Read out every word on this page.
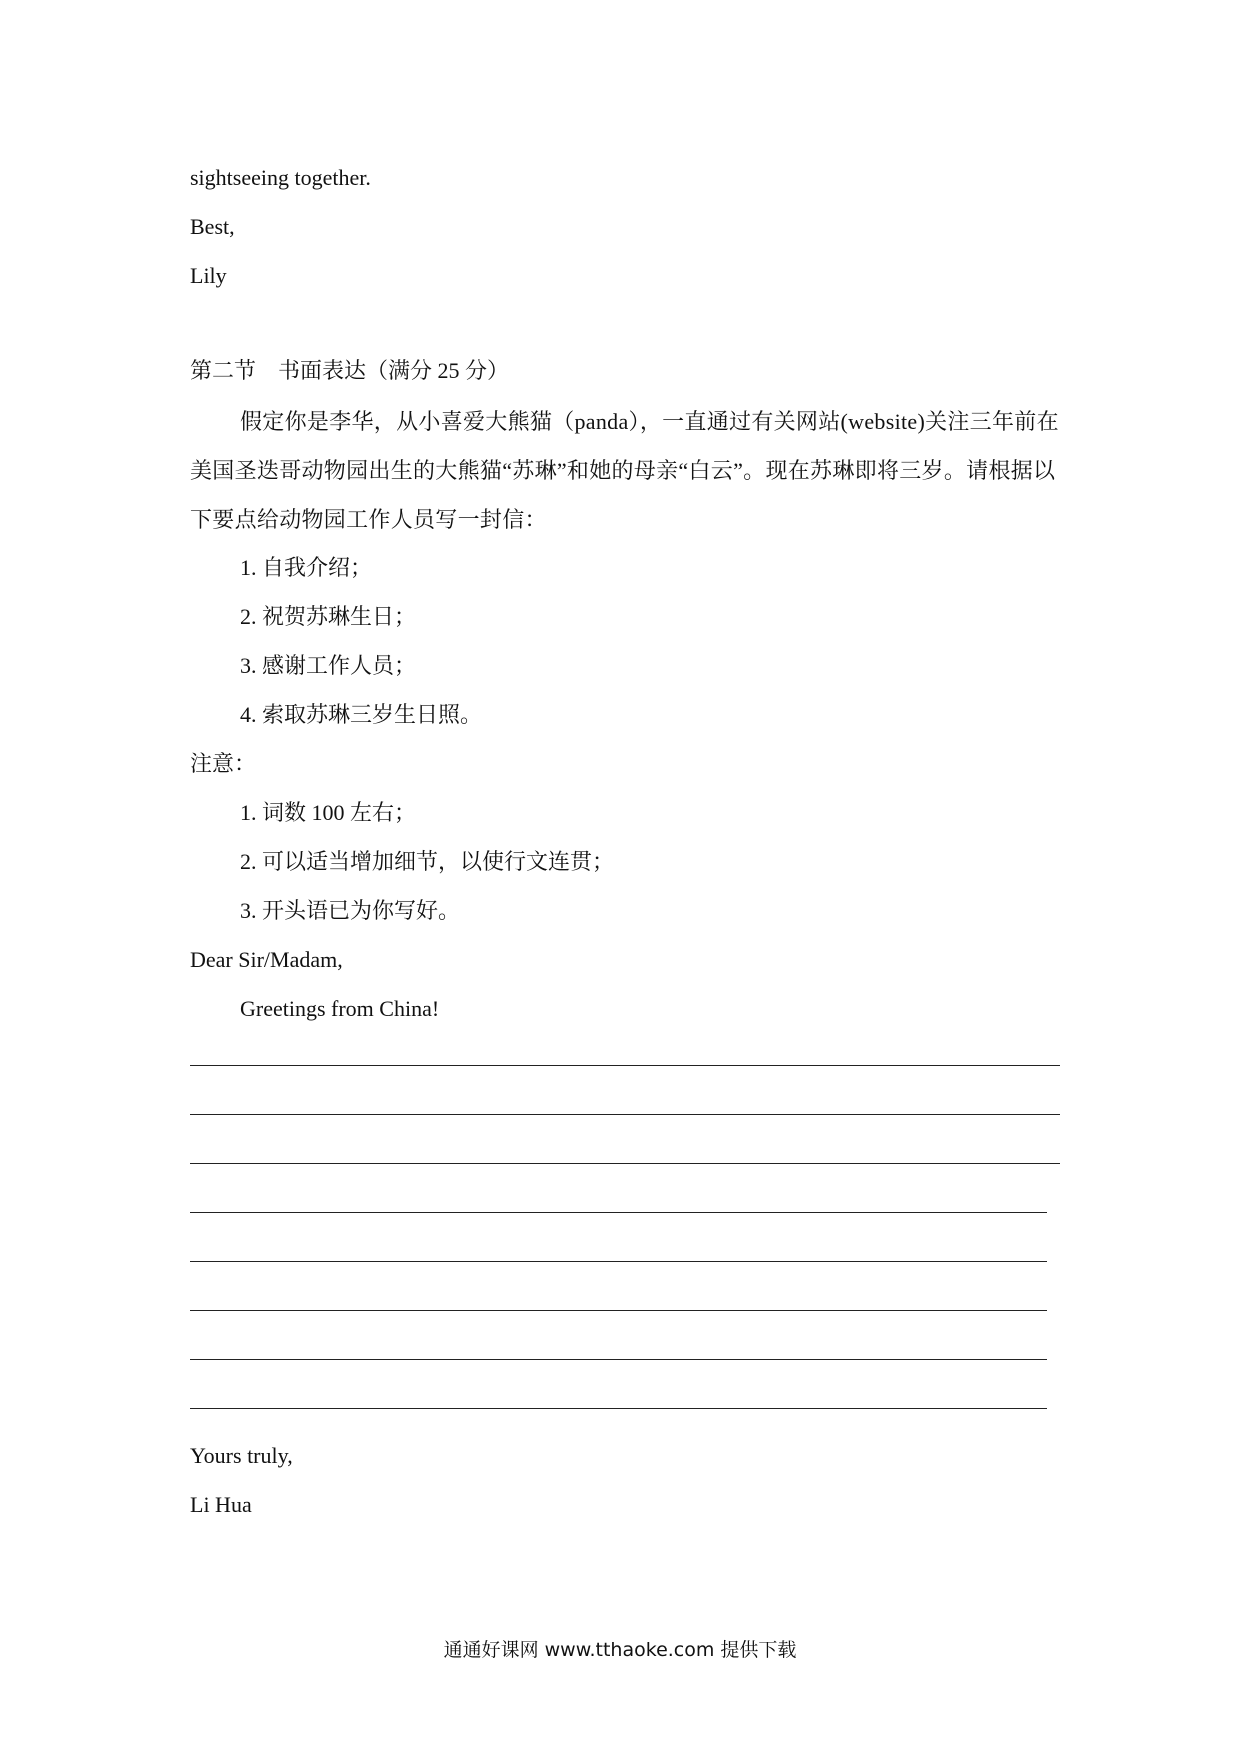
sightseeing together.
Best,
Lily
第二节　书面表达（满分 25 分）
假定你是李华，从小喜爱大熊猫（panda），一直通过有关网站(website)关注三年前在美国圣迭哥动物园出生的大熊猫“苏琳”和她的母亲“白云”。现在苏琳即将三岁。请根据以下要点给动物园工作人员写一封信：
1. 自我介绍；
2. 祝贺苏琳生日；
3. 感谢工作人员；
4. 索取苏琳三岁生日照。
注意：
1. 词数 100 左右；
2. 可以适当增加细节，以使行文连贯；
3. 开头语已为你写好。
Dear Sir/Madam,
Greetings from China!
Yours truly,
Li Hua
通通好课网 www.tthaoke.com 提供下载
